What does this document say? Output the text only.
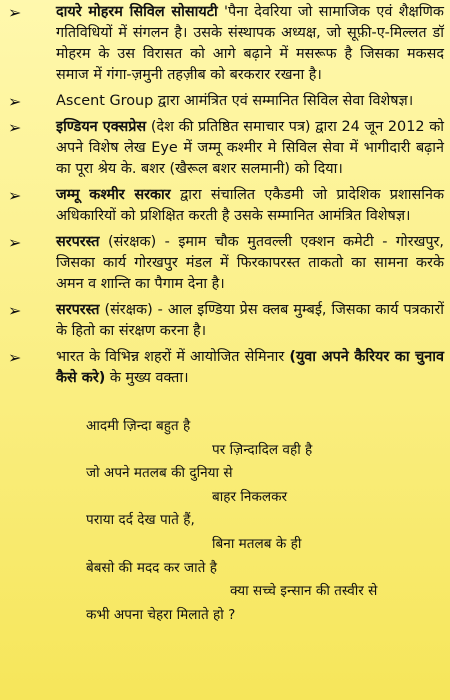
➢ दायरे मोहरम सिविल सोसायटी 'पैना देवरिया जो सामाजिक एवं शैक्षणिक गतिविधियों में संगलन है। उसके संस्थापक अध्यक्ष, जो सूफ़ी-ए-मिल्लत डॉ मोहरम के उस विरासत को आगे बढ़ाने में मसरूफ है जिसका मकसद समाज में गंगा-ज़मुनी तहज़ीब को बरकरार रखना है।
➢ Ascent Group द्वारा आमंत्रित एवं सम्मानित सिविल सेवा विशेषज्ञ।
➢ इण्डियन एक्सप्रेस (देश की प्रतिष्ठित समाचार पत्र) द्वारा 24 जून 2012 को अपने विशेष लेख Eye में जम्मू कश्मीर मे सिविल सेवा में भागीदारी बढ़ाने का पूरा श्रेय के. बशर (खैरूल बशर सलमानी) को दिया।
➢ जम्मू कश्मीर सरकार द्वारा संचालित एकैडमी जो प्रादेशिक प्रशासनिक अधिकारियों को प्रशिक्षित करती है उसके सम्मानित आमंत्रित विशेषज्ञ।
➢ सरपरस्त (संरक्षक) - इमाम चौक मुतवल्ली एक्शन कमेटी - गोरखपुर, जिसका कार्य गोरखपुर मंडल में फिरकापरस्त ताकतो का सामना करके अमन व शान्ति का पैगाम देना है।
➢ सरपरस्त (संरक्षक) - आल इण्डिया प्रेस क्लब मुम्बई, जिसका कार्य पत्रकारों के हितो का संरक्षण करना है।
➢ भारत के विभिन्न शहरों में आयोजित सेमिनार (युवा अपने कैरियर का चुनाव कैसे करे) के मुख्य वक्ता।
आदमी ज़िन्दा बहुत है
पर ज़िन्दादिल वही है
जो अपने मतलब की दुनिया से
बाहर निकलकर
पराया दर्द देख पाते हैं,
बिना मतलब के ही
बेबसो की मदद कर जाते है
क्या सच्चे इन्सान की तस्वीर से
कभी अपना चेहरा मिलाते हो ?
